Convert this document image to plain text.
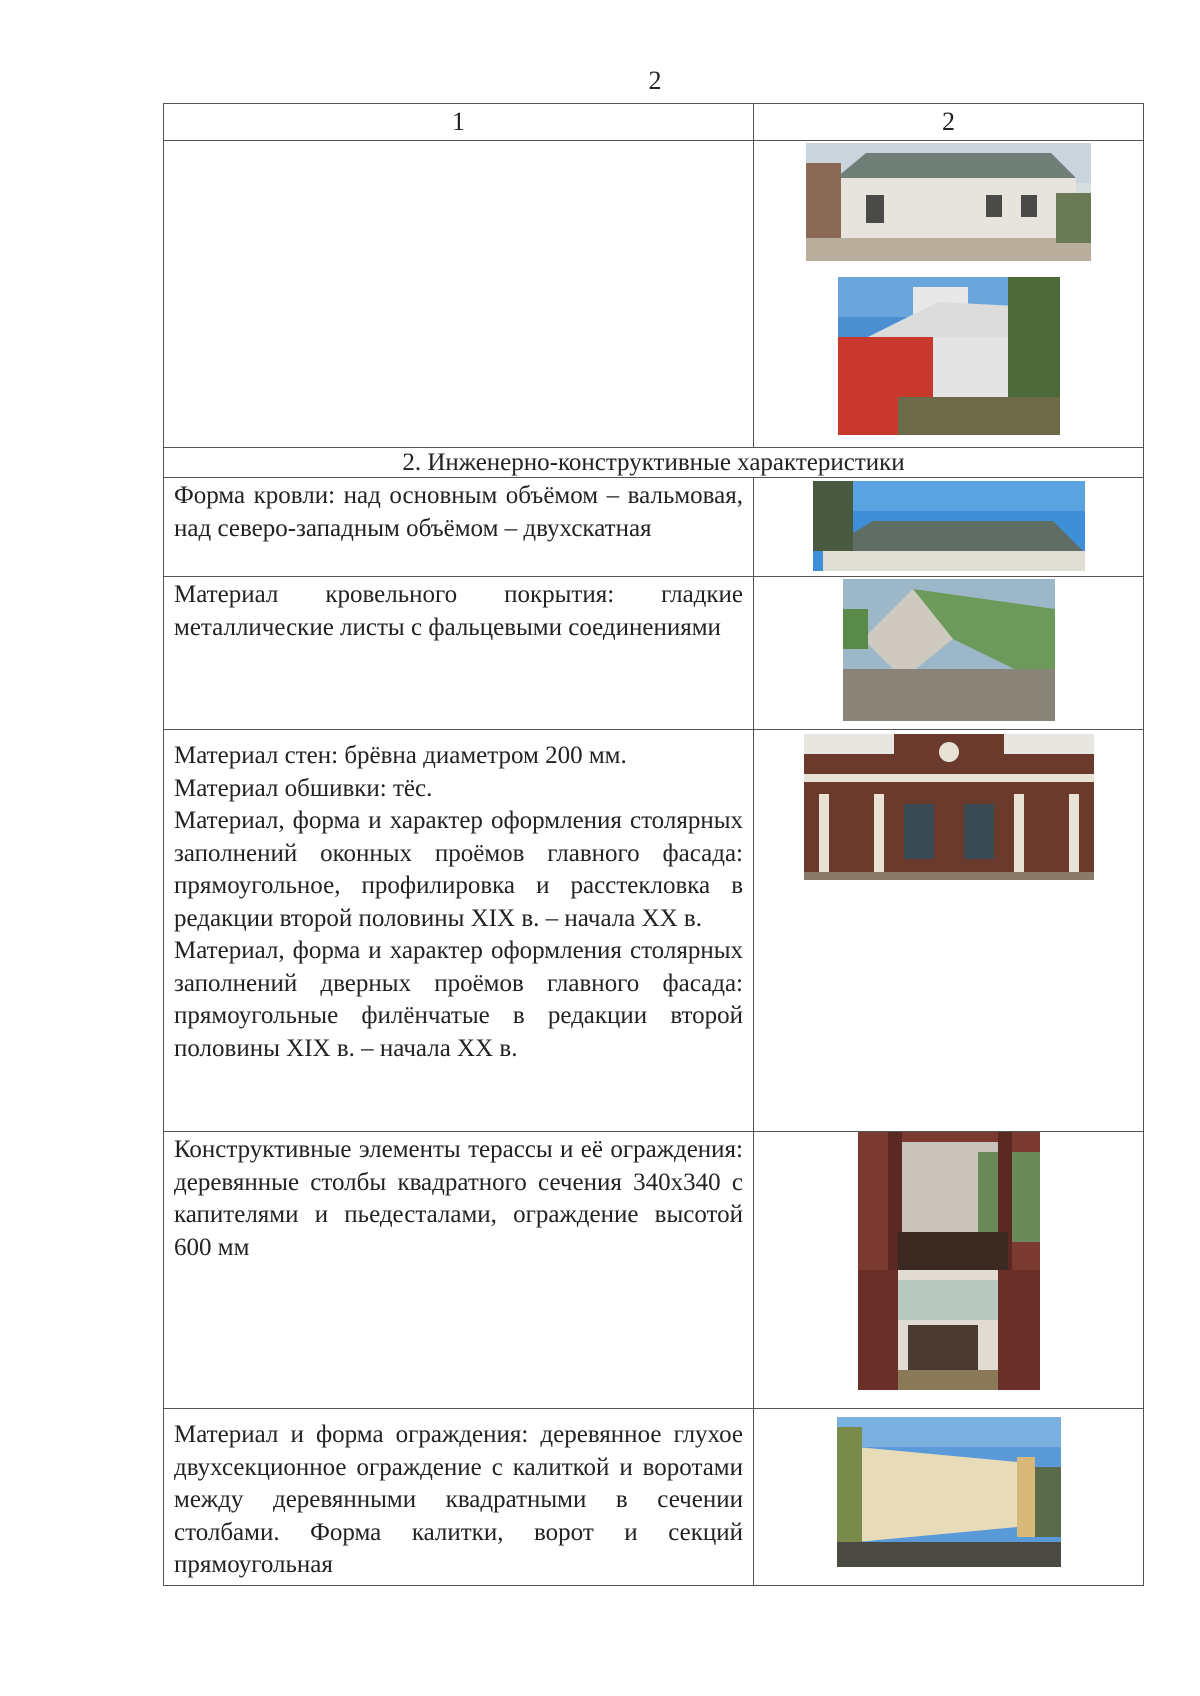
2
1	2

2. Инженерно-конструктивные характеристики	

Форма кровли: над основным объёмом – вальмовая, над северо-западным объёмом – двухскатная

Материал кровельного покрытия: гладкие металлические листы с фальцевыми соединениями

Материал стен: брёвна диаметром 200 мм.

Материал обшивки: тёс.

Материал, форма и характер оформления столярных заполнений оконных проёмов главного фасада: прямоугольное, профилировка и расстекловка в редакции второй половины XIX в. – начала XX в.

Материал, форма и характер оформления столярных заполнений дверных проёмов главного фасада: прямоугольные филёнчатые в редакции второй половины XIX в. – начала XX в.

Конструктивные элементы терассы и её ограждения: деревянные столбы квадратного сечения 340х340 с капителями и пьедесталами, ограждение высотой 600 мм

Материал и форма ограждения: деревянное глухое двухсекционное ограждение с калиткой и воротами между деревянными квадратными в сечении столбами. Форма калитки, ворот и секций прямоугольная
